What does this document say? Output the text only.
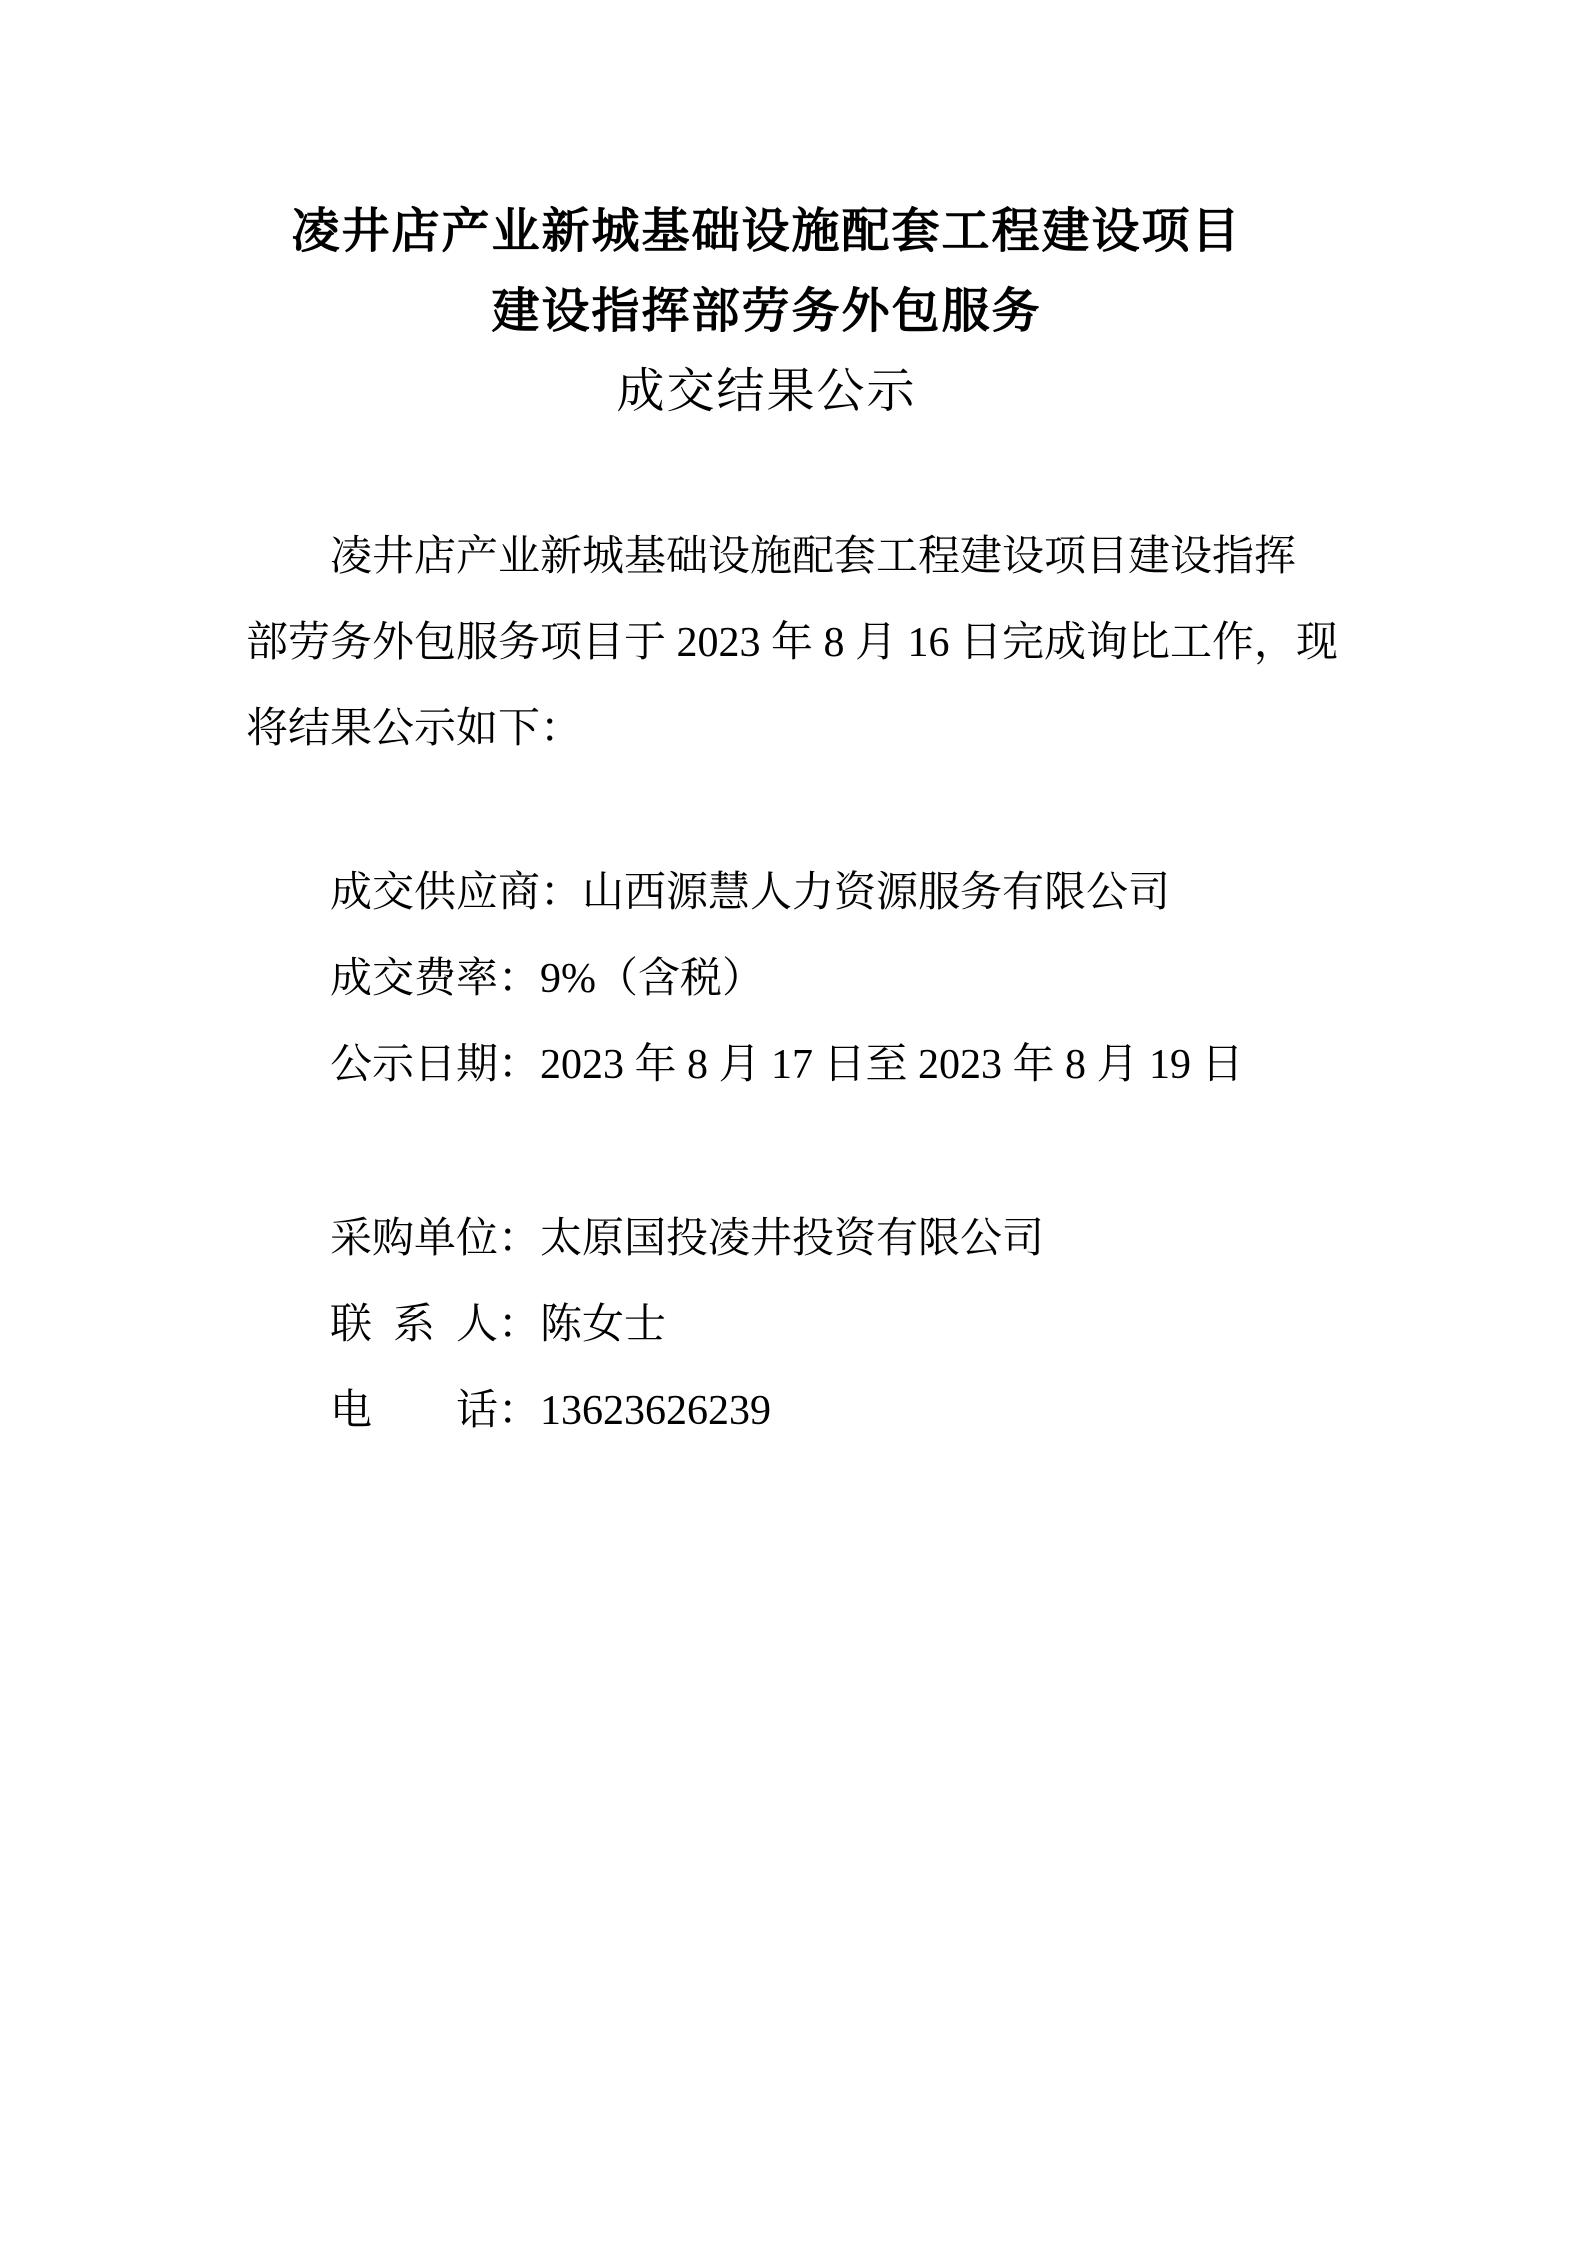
凌井店产业新城基础设施配套工程建设项目
建设指挥部劳务外包服务
成交结果公示
凌井店产业新城基础设施配套工程建设项目建设指挥
部劳务外包服务项目于 2023 年 8 月 16 日完成询比工作，现
将结果公示如下：
成交供应商：山西源慧人力资源服务有限公司
成交费率：9%（含税）
公示日期：2023 年 8 月 17 日至 2023 年 8 月 19 日
采购单位：太原国投凌井投资有限公司
联系人：陈女士
电话：13623626239
